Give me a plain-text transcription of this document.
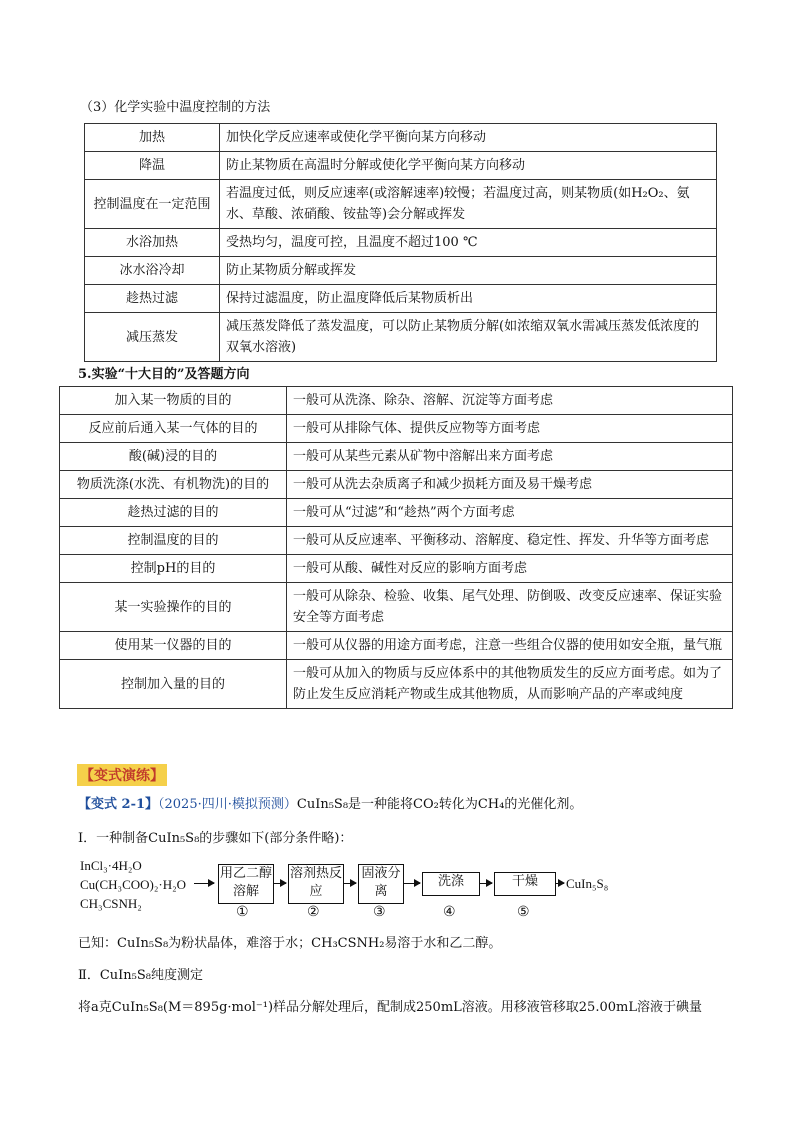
（3）化学实验中温度控制的方法
加热	加快化学反应速率或使化学平衡向某方向移动
降温	防止某物质在高温时分解或使化学平衡向某方向移动
控制温度在一定范围	若温度过低，则反应速率(或溶解速率)较慢；若温度过高，则某物质(如H₂O₂、氨水、草酸、浓硝酸、铵盐等)会分解或挥发
水浴加热	受热均匀，温度可控，且温度不超过100 ℃
冰水浴冷却	防止某物质分解或挥发
趁热过滤	保持过滤温度，防止温度降低后某物质析出
减压蒸发	减压蒸发降低了蒸发温度，可以防止某物质分解(如浓缩双氧水需减压蒸发低浓度的双氧水溶液)
5.实验“十大目的”及答题方向
加入某一物质的目的	一般可从洗涤、除杂、溶解、沉淀等方面考虑
反应前后通入某一气体的目的	一般可从排除气体、提供反应物等方面考虑
酸(碱)浸的目的	一般可从某些元素从矿物中溶解出来方面考虑
物质洗涤(水洗、有机物洗)的目的	一般可从洗去杂质离子和减少损耗方面及易干燥考虑
趁热过滤的目的	一般可从“过滤”和“趁热”两个方面考虑
控制温度的目的	一般可从反应速率、平衡移动、溶解度、稳定性、挥发、升华等方面考虑
控制pH的目的	一般可从酸、碱性对反应的影响方面考虑
某一实验操作的目的	一般可从除杂、检验、收集、尾气处理、防倒吸、改变反应速率、保证实验安全等方面考虑
使用某一仪器的目的	一般可从仪器的用途方面考虑，注意一些组合仪器的使用如安全瓶，量气瓶
控制加入量的目的	一般可从加入的物质与反应体系中的其他物质发生的反应方面考虑。如为了防止发生反应消耗产物或生成其他物质，从而影响产品的产率或纯度
【变式演练】
【变式 2-1】（2025·四川·模拟预测）CuIn₅S₈是一种能将CO₂转化为CH₄的光催化剂。
Ⅰ．一种制备CuIn₅S₈的步骤如下(部分条件略)：
InCl₃·4H₂O
Cu(CH₃COO)₂·H₂O
CH₃CSNH₂
用乙二醇溶解
①
溶剂热反应
②
固液分离
③
洗涤
④
干燥
⑤
CuIn₅S₈
已知：CuIn₅S₈为粉状晶体，难溶于水；CH₃CSNH₂易溶于水和乙二醇。
Ⅱ．CuIn₅S₈纯度测定
将a克CuIn₅S₈(M＝895g·mol⁻¹)样品分解处理后，配制成250mL溶液。用移液管移取25.00mL溶液于碘量
